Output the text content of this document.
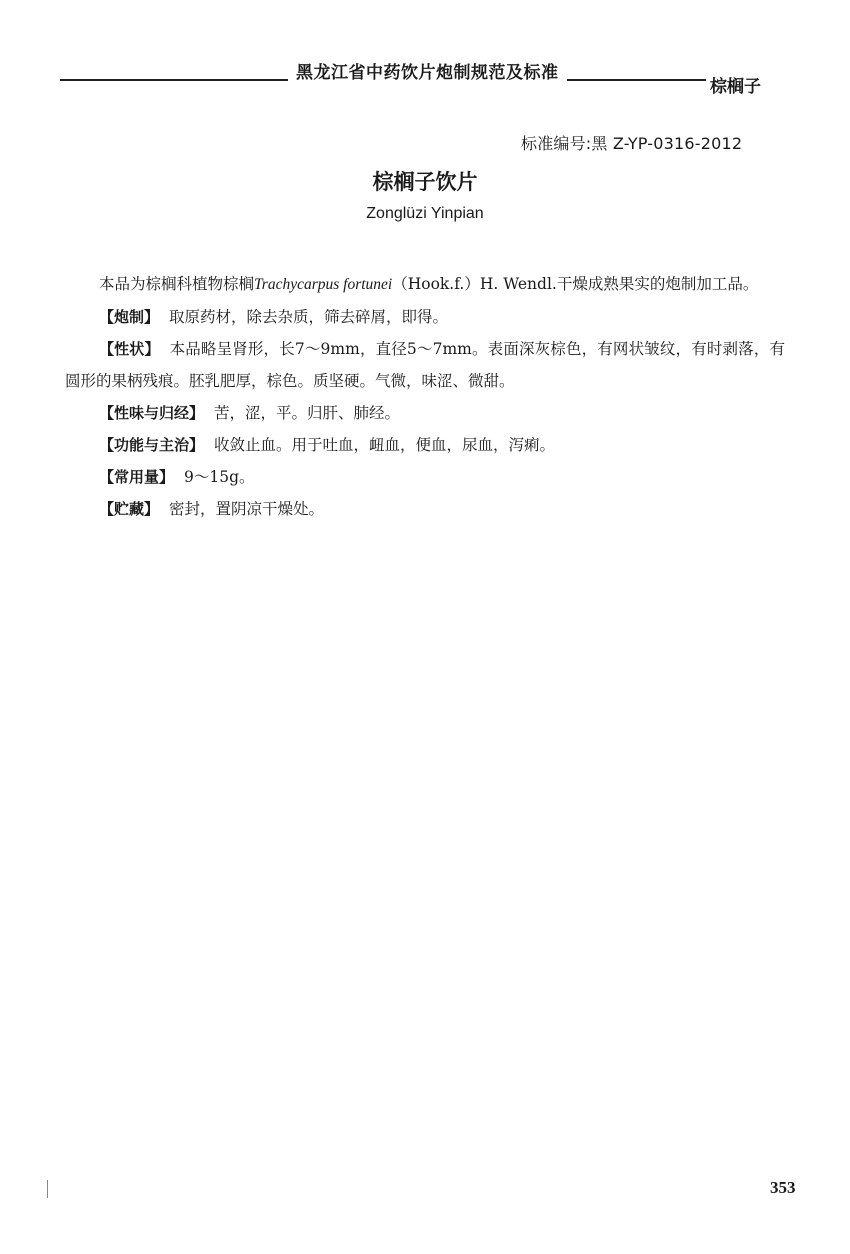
黑龙江省中药饮片炮制规范及标准
棕榈子
标准编号:黑 Z-YP-0316-2012
棕榈子饮片
Zonglüzi Yinpian

本品为棕榈科植物棕榈Trachycarpus fortunei（Hook.f.）H. Wendl.干燥成熟果实的炮制加工品。

【炮制】 取原药材，除去杂质，筛去碎屑，即得。

【性状】 本品略呈肾形，长7～9mm，直径5～7mm。表面深灰棕色，有网状皱纹，有时剥落，有圆形的果柄残痕。胚乳肥厚，棕色。质坚硬。气微，味涩、微甜。

【性味与归经】 苦，涩，平。归肝、肺经。

【功能与主治】 收敛止血。用于吐血，衄血，便血，尿血，泻痢。

【常用量】 9～15g。

【贮藏】 密封，置阴凉干燥处。

353
